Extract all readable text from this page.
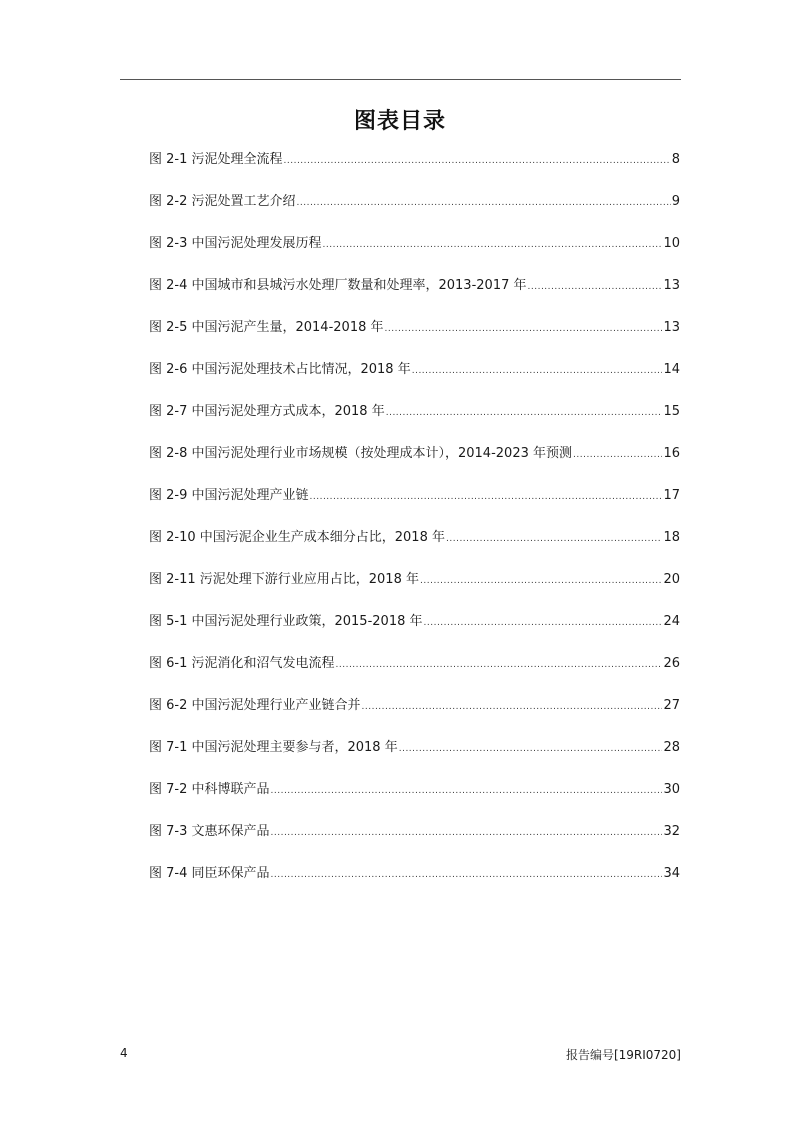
图表目录
图 2-1 污泥处理全流程 .....	8
图 2-2 污泥处置工艺介绍 .....	9
图 2-3 中国污泥处理发展历程 .....	10
图 2-4 中国城市和县城污水处理厂数量和处理率，2013-2017 年 .....	13
图 2-5 中国污泥产生量，2014-2018 年 .....	13
图 2-6 中国污泥处理技术占比情况，2018 年 .....	14
图 2-7 中国污泥处理方式成本，2018 年 .....	15
图 2-8 中国污泥处理行业市场规模（按处理成本计），2014-2023 年预测 .....	16
图 2-9 中国污泥处理产业链 .....	17
图 2-10 中国污泥企业生产成本细分占比，2018 年 .....	18
图 2-11 污泥处理下游行业应用占比，2018 年 .....	20
图 5-1 中国污泥处理行业政策，2015-2018 年 .....	24
图 6-1 污泥消化和沼气发电流程 .....	26
图 6-2 中国污泥处理行业产业链合并 .....	27
图 7-1 中国污泥处理主要参与者，2018 年 .....	28
图 7-2 中科博联产品 .....	30
图 7-3 文惠环保产品 .....	32
图 7-4 同臣环保产品 .....	34
4	报告编号[19RI0720]
